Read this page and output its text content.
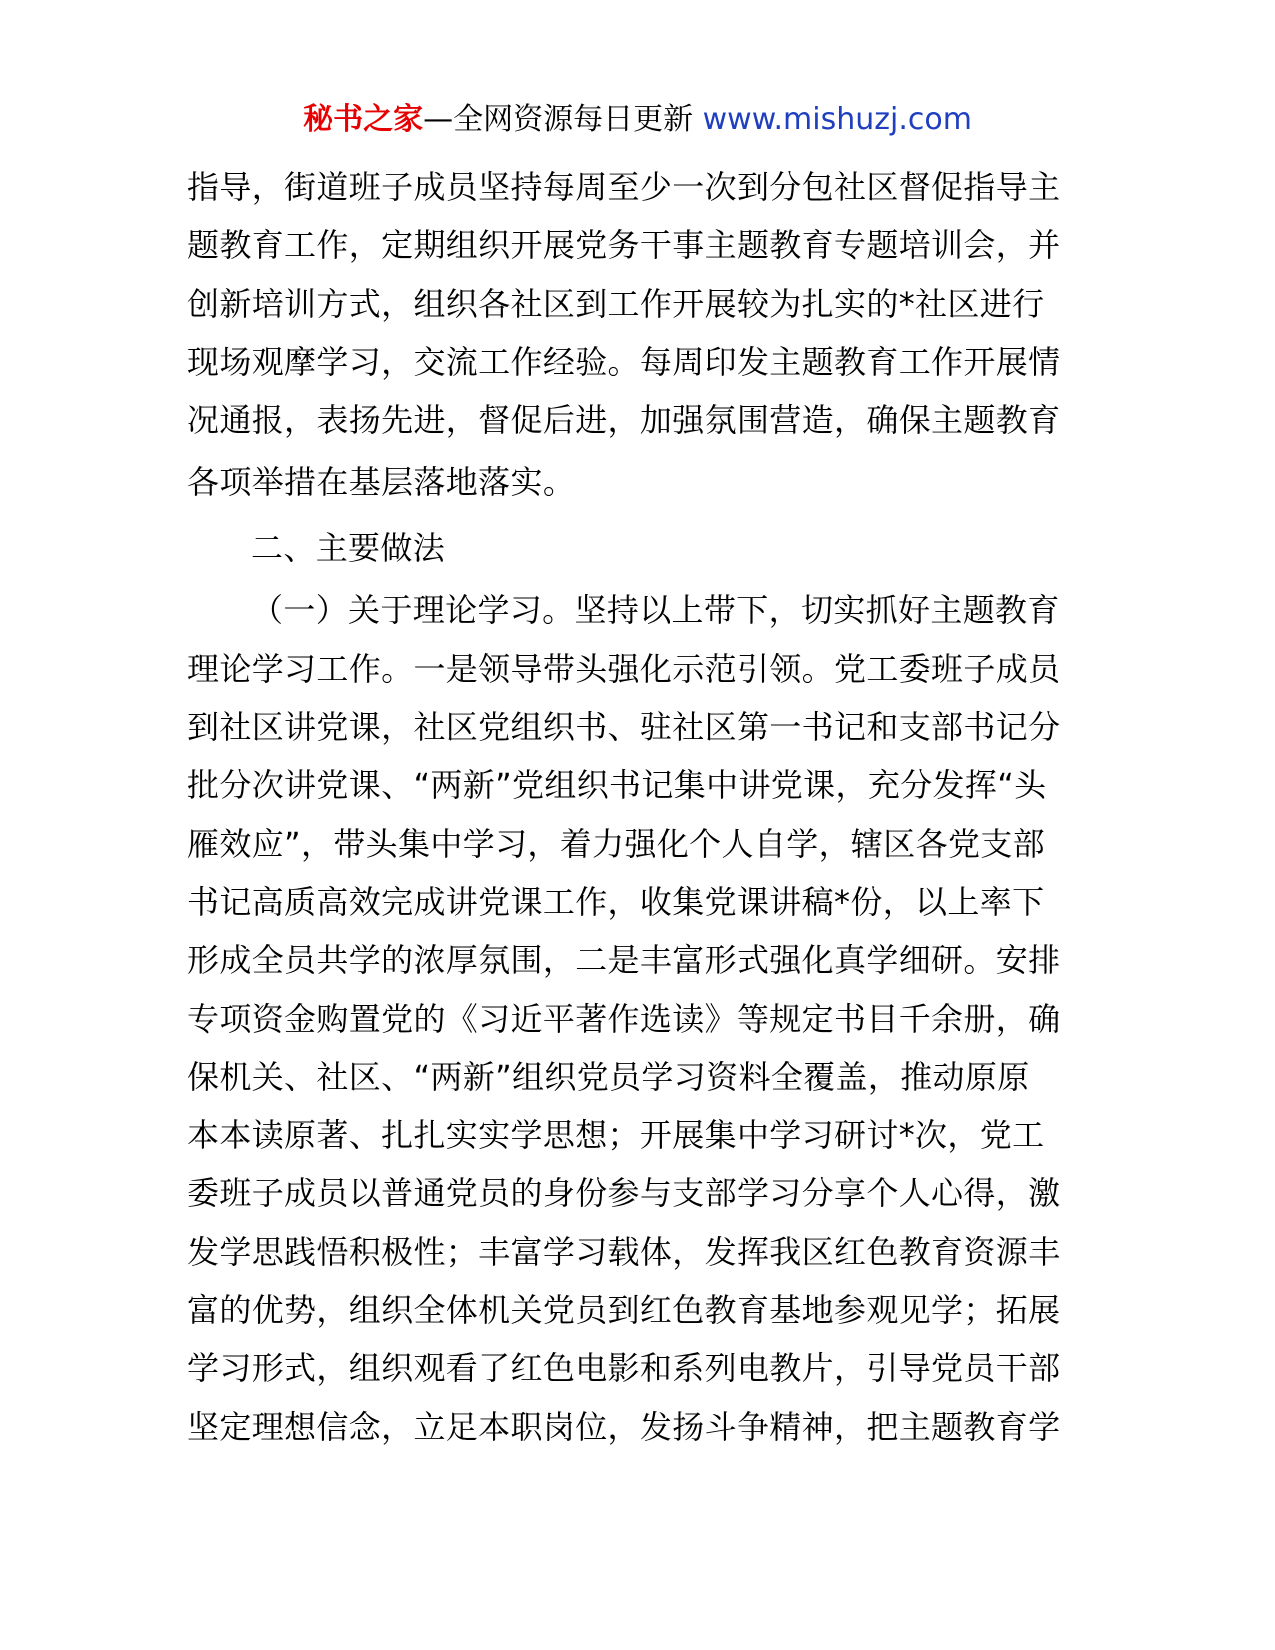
秘书之家—全网资源每日更新 www.mishuzj.com
指导，街道班子成员坚持每周至少一次到分包社区督促指导主
题教育工作，定期组织开展党务干事主题教育专题培训会，并
创新培训方式，组织各社区到工作开展较为扎实的*社区进行
现场观摩学习，交流工作经验。每周印发主题教育工作开展情
况通报，表扬先进，督促后进，加强氛围营造，确保主题教育
各项举措在基层落地落实。
二、主要做法
（一）关于理论学习。坚持以上带下，切实抓好主题教育
理论学习工作。一是领导带头强化示范引领。党工委班子成员
到社区讲党课，社区党组织书、驻社区第一书记和支部书记分
批分次讲党课、“两新”党组织书记集中讲党课，充分发挥“头
雁效应”，带头集中学习，着力强化个人自学，辖区各党支部
书记高质高效完成讲党课工作，收集党课讲稿*份，以上率下
形成全员共学的浓厚氛围，二是丰富形式强化真学细研。安排
专项资金购置党的《习近平著作选读》等规定书目千余册，确
保机关、社区、“两新”组织党员学习资料全覆盖，推动原原
本本读原著、扎扎实实学思想；开展集中学习研讨*次，党工
委班子成员以普通党员的身份参与支部学习分享个人心得，激
发学思践悟积极性；丰富学习载体，发挥我区红色教育资源丰
富的优势，组织全体机关党员到红色教育基地参观见学；拓展
学习形式，组织观看了红色电影和系列电教片，引导党员干部
坚定理想信念，立足本职岗位，发扬斗争精神，把主题教育学
